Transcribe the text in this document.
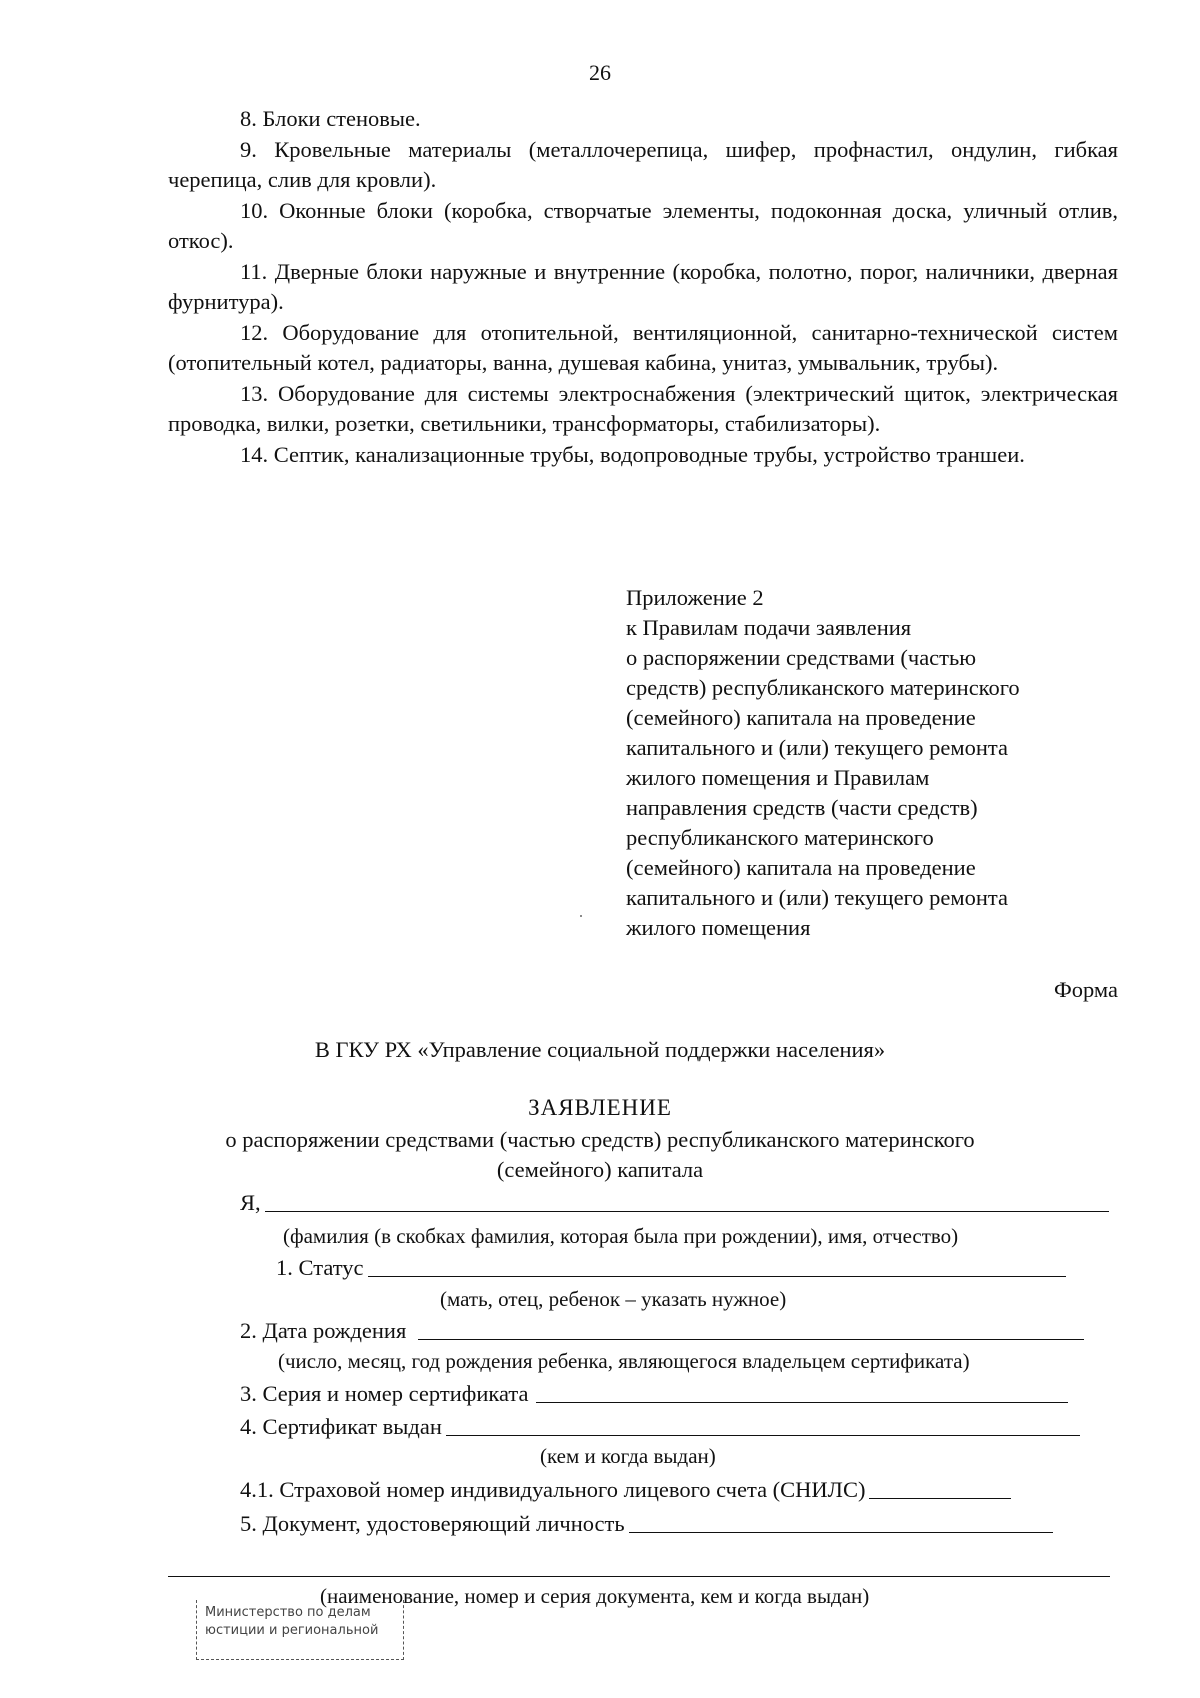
26

8. Блоки стеновые.

9. Кровельные материалы (металлочерепица, шифер, профнастил, ондулин, гибкая черепица, слив для кровли).

10. Оконные блоки (коробка, створчатые элементы, подоконная доска, уличный отлив, откос).

11. Дверные блоки наружные и внутренние (коробка, полотно, порог, наличники, дверная фурнитура).

12. Оборудование для отопительной, вентиляционной, санитарно-технической систем (отопительный котел, радиаторы, ванна, душевая кабина, унитаз, умывальник, трубы).

13. Оборудование для системы электроснабжения (электрический щиток, электрическая проводка, вилки, розетки, светильники, трансформаторы, стабилизаторы).

14. Септик, канализационные трубы, водопроводные трубы, устройство траншеи.

Приложение 2
к Правилам подачи заявления
о распоряжении средствами (частью
средств) республиканского материнского
(семейного) капитала на проведение
капитального и (или) текущего ремонта
жилого помещения и Правилам
направления средств (части средств)
республиканского материнского
(семейного) капитала на проведение
капитального и (или) текущего ремонта
жилого помещения
Форма
В ГКУ РХ «Управление социальной поддержки населения»
ЗАЯВЛЕНИЕ
о распоряжении средствами (частью средств) республиканского материнского
(семейного) капитала
Я,
(фамилия (в скобках фамилия, которая была при рождении), имя, отчество)
1. Статус
(мать, отец, ребенок – указать нужное)
2. Дата рождения
(число, месяц, год рождения ребенка, являющегося владельцем сертификата)
3. Серия и номер сертификата
4. Сертификат выдан
(кем и когда выдан)
4.1. Страховой номер индивидуального лицевого счета (СНИЛС)
5. Документ, удостоверяющий личность
(наименование, номер и серия документа, кем и когда выдан)
Министерство по делам
юстиции и региональной
